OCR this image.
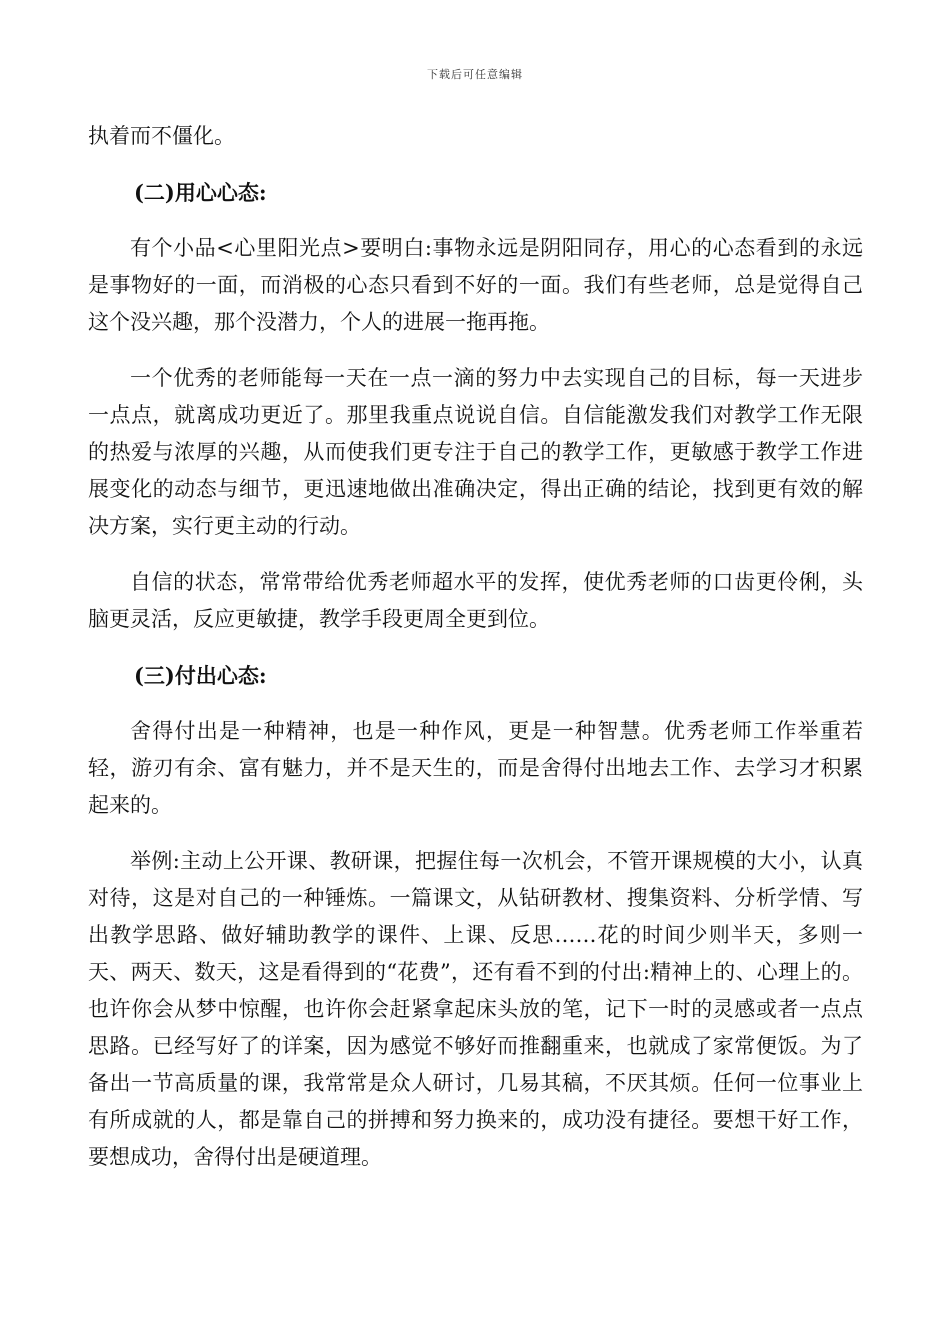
下载后可任意编辑

执着而不僵化。

(二)用心心态:

有个小品<心里阳光点>要明白:事物永远是阴阳同存，用心的心态看到的永远是事物好的一面，而消极的心态只看到不好的一面。我们有些老师，总是觉得自己这个没兴趣，那个没潜力，个人的进展一拖再拖。

一个优秀的老师能每一天在一点一滴的努力中去实现自己的目标，每一天进步一点点，就离成功更近了。那里我重点说说自信。自信能激发我们对教学工作无限的热爱与浓厚的兴趣，从而使我们更专注于自己的教学工作，更敏感于教学工作进展变化的动态与细节，更迅速地做出准确决定，得出正确的结论，找到更有效的解决方案，实行更主动的行动。

自信的状态，常常带给优秀老师超水平的发挥，使优秀老师的口齿更伶俐，头脑更灵活，反应更敏捷，教学手段更周全更到位。

(三)付出心态:

舍得付出是一种精神，也是一种作风，更是一种智慧。优秀老师工作举重若轻，游刃有余、富有魅力，并不是天生的，而是舍得付出地去工作、去学习才积累起来的。

举例:主动上公开课、教研课，把握住每一次机会，不管开课规模的大小，认真对待，这是对自己的一种锤炼。一篇课文，从钻研教材、搜集资料、分析学情、写出教学思路、做好辅助教学的课件、上课、反思……花的时间少则半天，多则一天、两天、数天，这是看得到的“花费”，还有看不到的付出:精神上的、心理上的。也许你会从梦中惊醒，也许你会赶紧拿起床头放的笔，记下一时的灵感或者一点点思路。已经写好了的详案，因为感觉不够好而推翻重来，也就成了家常便饭。为了备出一节高质量的课，我常常是众人研讨，几易其稿，不厌其烦。任何一位事业上有所成就的人，都是靠自己的拼搏和努力换来的，成功没有捷径。要想干好工作，要想成功，舍得付出是硬道理。
